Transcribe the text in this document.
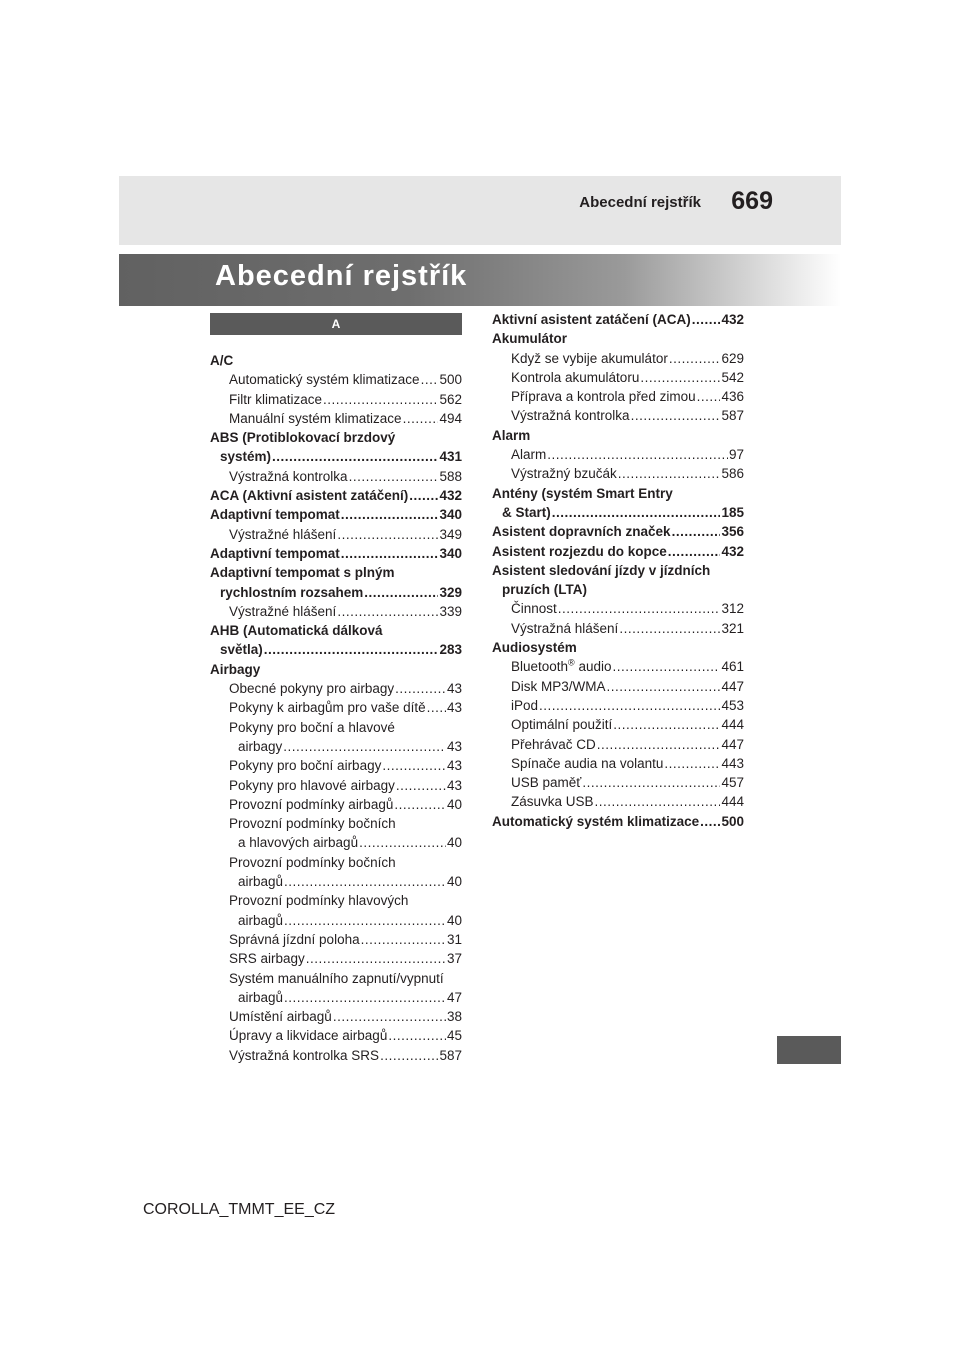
Abecední rejstřík 669
Abecední rejstřík
A
A/C
Automatický systém klimatizace ..... 500
Filtr klimatizace .....	562
Manuální systém klimatizace .....	494
ABS (Protiblokovací brzdový
systém) .....	431
Výstražná kontrolka .....	588
ACA (Aktivní asistent zatáčení) ..... 432
Adaptivní tempomat .....	340
Výstražné hlášení .....	349
Adaptivní tempomat .....	340
Adaptivní tempomat s plným
rychlostním rozsahem .....	329
Výstražné hlášení .....	339
AHB (Automatická dálková
světla) .....	283
Airbagy
Obecné pokyny pro airbagy .....	43
Pokyny k airbagům pro vaše dítě ..... 43
Pokyny pro boční a hlavové
airbagy .....	43
Pokyny pro boční airbagy .....	43
Pokyny pro hlavové airbagy .....	43
Provozní podmínky airbagů .....	40
Provozní podmínky bočních
a hlavových airbagů .....	40
Provozní podmínky bočních
airbagů .....	40
Provozní podmínky hlavových
airbagů .....	40
Správná jízdní poloha .....	31
SRS airbagy .....	37
Systém manuálního zapnutí/vypnutí
airbagů .....	47
Umístění airbagů .....	38
Úpravy a likvidace airbagů .....	45
Výstražná kontrolka SRS .....	587
Aktivní asistent zatáčení (ACA) ..... 432
Akumulátor
Když se vybije akumulátor .....	629
Kontrola akumulátoru .....	542
Příprava a kontrola před zimou ..... 436
Výstražná kontrolka .....	587
Alarm
Alarm .....	97
Výstražný bzučák .....	586
Antény (systém Smart Entry
& Start) .....	185
Asistent dopravních značek .....	356
Asistent rozjezdu do kopce .....	432
Asistent sledování jízdy v jízdních
pruzích (LTA)
Činnost .....	312
Výstražná hlášení .....	321
Audiosystém
Bluetooth® audio .....	461
Disk MP3/WMA .....	447
iPod .....	453
Optimální použití .....	444
Přehrávač CD .....	447
Spínače audia na volantu .....	443
USB paměť .....	457
Zásuvka USB .....	444
Automatický systém klimatizace ..... 500
COROLLA_TMMT_EE_CZ
